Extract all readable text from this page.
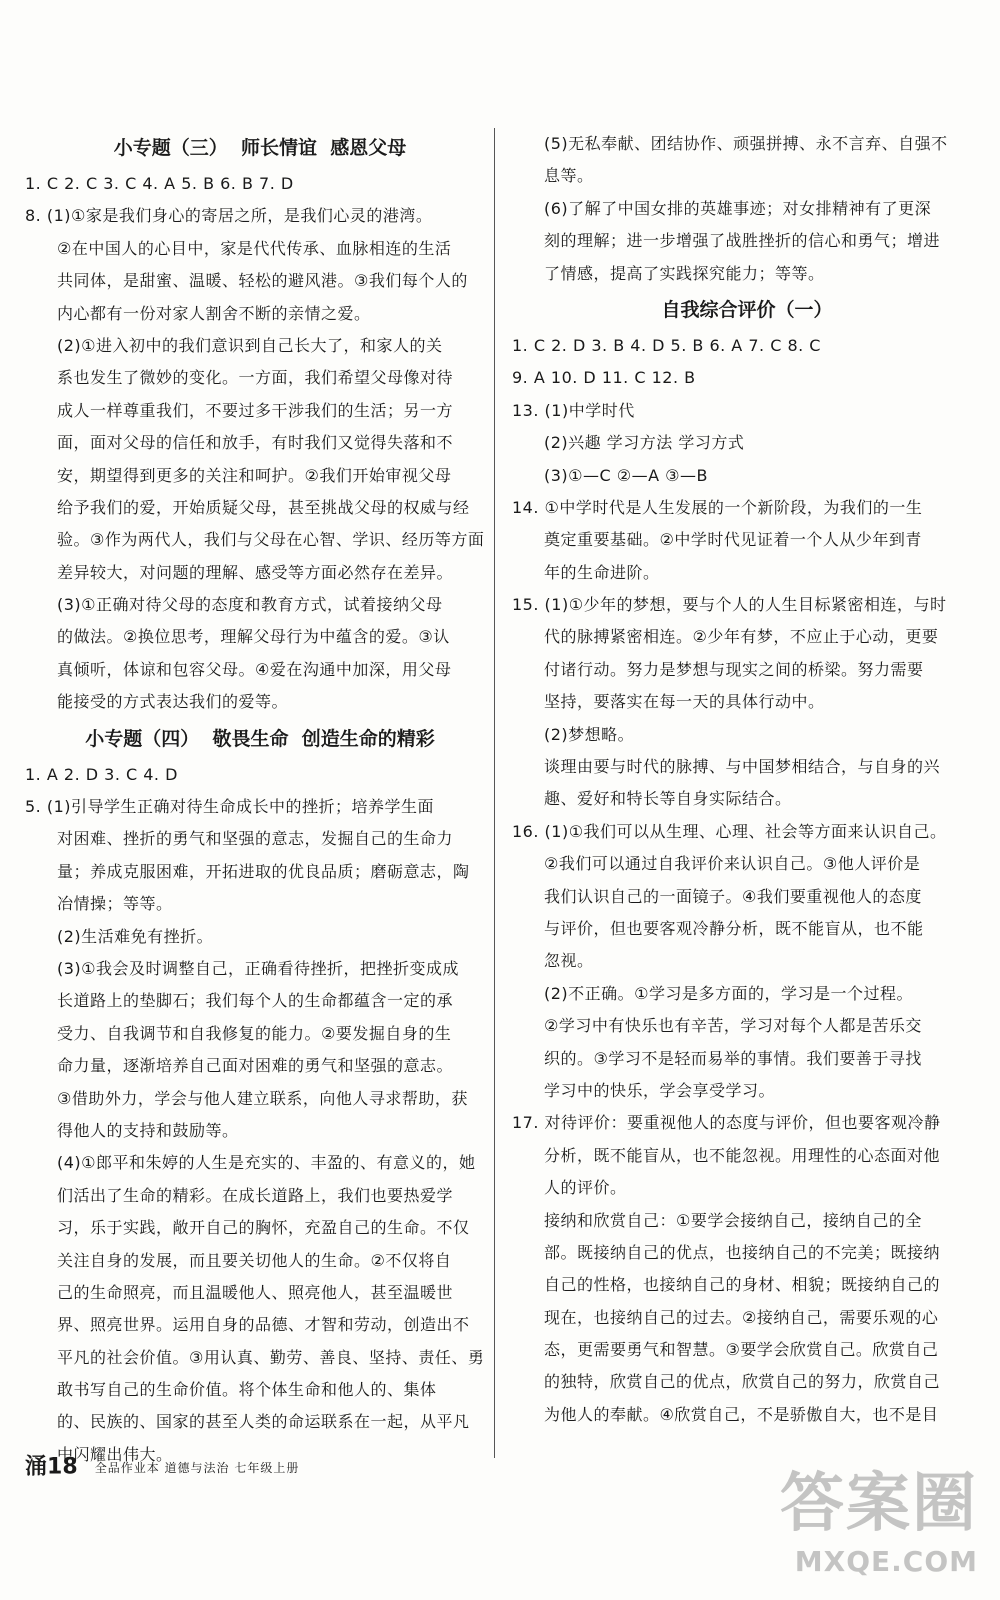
小专题（三）  师长情谊  感恩父母
1. C 2. C 3. C 4. A 5. B 6. B 7. D
8. (1)①家是我们身心的寄居之所，是我们心灵的港湾。
②在中国人的心目中，家是代代传承、血脉相连的生活
共同体，是甜蜜、温暖、轻松的避风港。③我们每个人的
内心都有一份对家人割舍不断的亲情之爱。
(2)①进入初中的我们意识到自己长大了，和家人的关
系也发生了微妙的变化。一方面，我们希望父母像对待
成人一样尊重我们，不要过多干涉我们的生活；另一方
面，面对父母的信任和放手，有时我们又觉得失落和不
安，期望得到更多的关注和呵护。②我们开始审视父母
给予我们的爱，开始质疑父母，甚至挑战父母的权威与经
验。③作为两代人，我们与父母在心智、学识、经历等方面
差异较大，对问题的理解、感受等方面必然存在差异。
(3)①正确对待父母的态度和教育方式，试着接纳父母
的做法。②换位思考，理解父母行为中蕴含的爱。③认
真倾听，体谅和包容父母。④爱在沟通中加深，用父母
能接受的方式表达我们的爱等。
小专题（四）  敬畏生命  创造生命的精彩
1. A 2. D 3. C 4. D
5. (1)引导学生正确对待生命成长中的挫折；培养学生面
对困难、挫折的勇气和坚强的意志，发掘自己的生命力
量；养成克服困难，开拓进取的优良品质；磨砺意志，陶
冶情操；等等。
(2)生活难免有挫折。
(3)①我会及时调整自己，正确看待挫折，把挫折变成成
长道路上的垫脚石；我们每个人的生命都蕴含一定的承
受力、自我调节和自我修复的能力。②要发掘自身的生
命力量，逐渐培养自己面对困难的勇气和坚强的意志。
③借助外力，学会与他人建立联系，向他人寻求帮助，获
得他人的支持和鼓励等。
(4)①郎平和朱婷的人生是充实的、丰盈的、有意义的，她
们活出了生命的精彩。在成长道路上，我们也要热爱学
习，乐于实践，敞开自己的胸怀，充盈自己的生命。不仅
关注自身的发展，而且要关切他人的生命。②不仅将自
己的生命照亮，而且温暖他人、照亮他人，甚至温暖世
界、照亮世界。运用自身的品德、才智和劳动，创造出不
平凡的社会价值。③用认真、勤劳、善良、坚持、责任、勇
敢书写自己的生命价值。将个体生命和他人的、集体
的、民族的、国家的甚至人类的命运联系在一起，从平凡
中闪耀出伟大。
(5)无私奉献、团结协作、顽强拼搏、永不言弃、自强不
息等。
(6)了解了中国女排的英雄事迹；对女排精神有了更深
刻的理解；进一步增强了战胜挫折的信心和勇气；增进
了情感，提高了实践探究能力；等等。
自我综合评价（一）
1. C 2. D 3. B 4. D 5. B 6. A 7. C 8. C
9. A 10. D 11. C 12. B
13. (1)中学时代
(2)兴趣 学习方法 学习方式
(3)①—C ②—A ③—B
14. ①中学时代是人生发展的一个新阶段，为我们的一生
奠定重要基础。②中学时代见证着一个人从少年到青
年的生命进阶。
15. (1)①少年的梦想，要与个人的人生目标紧密相连，与时
代的脉搏紧密相连。②少年有梦，不应止于心动，更要
付诸行动。努力是梦想与现实之间的桥梁。努力需要
坚持，要落实在每一天的具体行动中。
(2)梦想略。
谈理由要与时代的脉搏、与中国梦相结合，与自身的兴
趣、爱好和特长等自身实际结合。
16. (1)①我们可以从生理、心理、社会等方面来认识自己。
②我们可以通过自我评价来认识自己。③他人评价是
我们认识自己的一面镜子。④我们要重视他人的态度
与评价，但也要客观冷静分析，既不能盲从，也不能
忽视。
(2)不正确。①学习是多方面的，学习是一个过程。
②学习中有快乐也有辛苦，学习对每个人都是苦乐交
织的。③学习不是轻而易举的事情。我们要善于寻找
学习中的快乐，学会享受学习。
17. 对待评价：要重视他人的态度与评价，但也要客观冷静
分析，既不能盲从，也不能忽视。用理性的心态面对他
人的评价。
接纳和欣赏自己：①要学会接纳自己，接纳自己的全
部。既接纳自己的优点，也接纳自己的不完美；既接纳
自己的性格，也接纳自己的身材、相貌；既接纳自己的
现在，也接纳自己的过去。②接纳自己，需要乐观的心
态，更需要勇气和智慧。③要学会欣赏自己。欣赏自己
的独特，欣赏自己的优点，欣赏自己的努力，欣赏自己
为他人的奉献。④欣赏自己，不是骄傲自大，也不是目
涌18 全品作业本 道德与法治 七年级上册	答案圈
MXQE.COM
